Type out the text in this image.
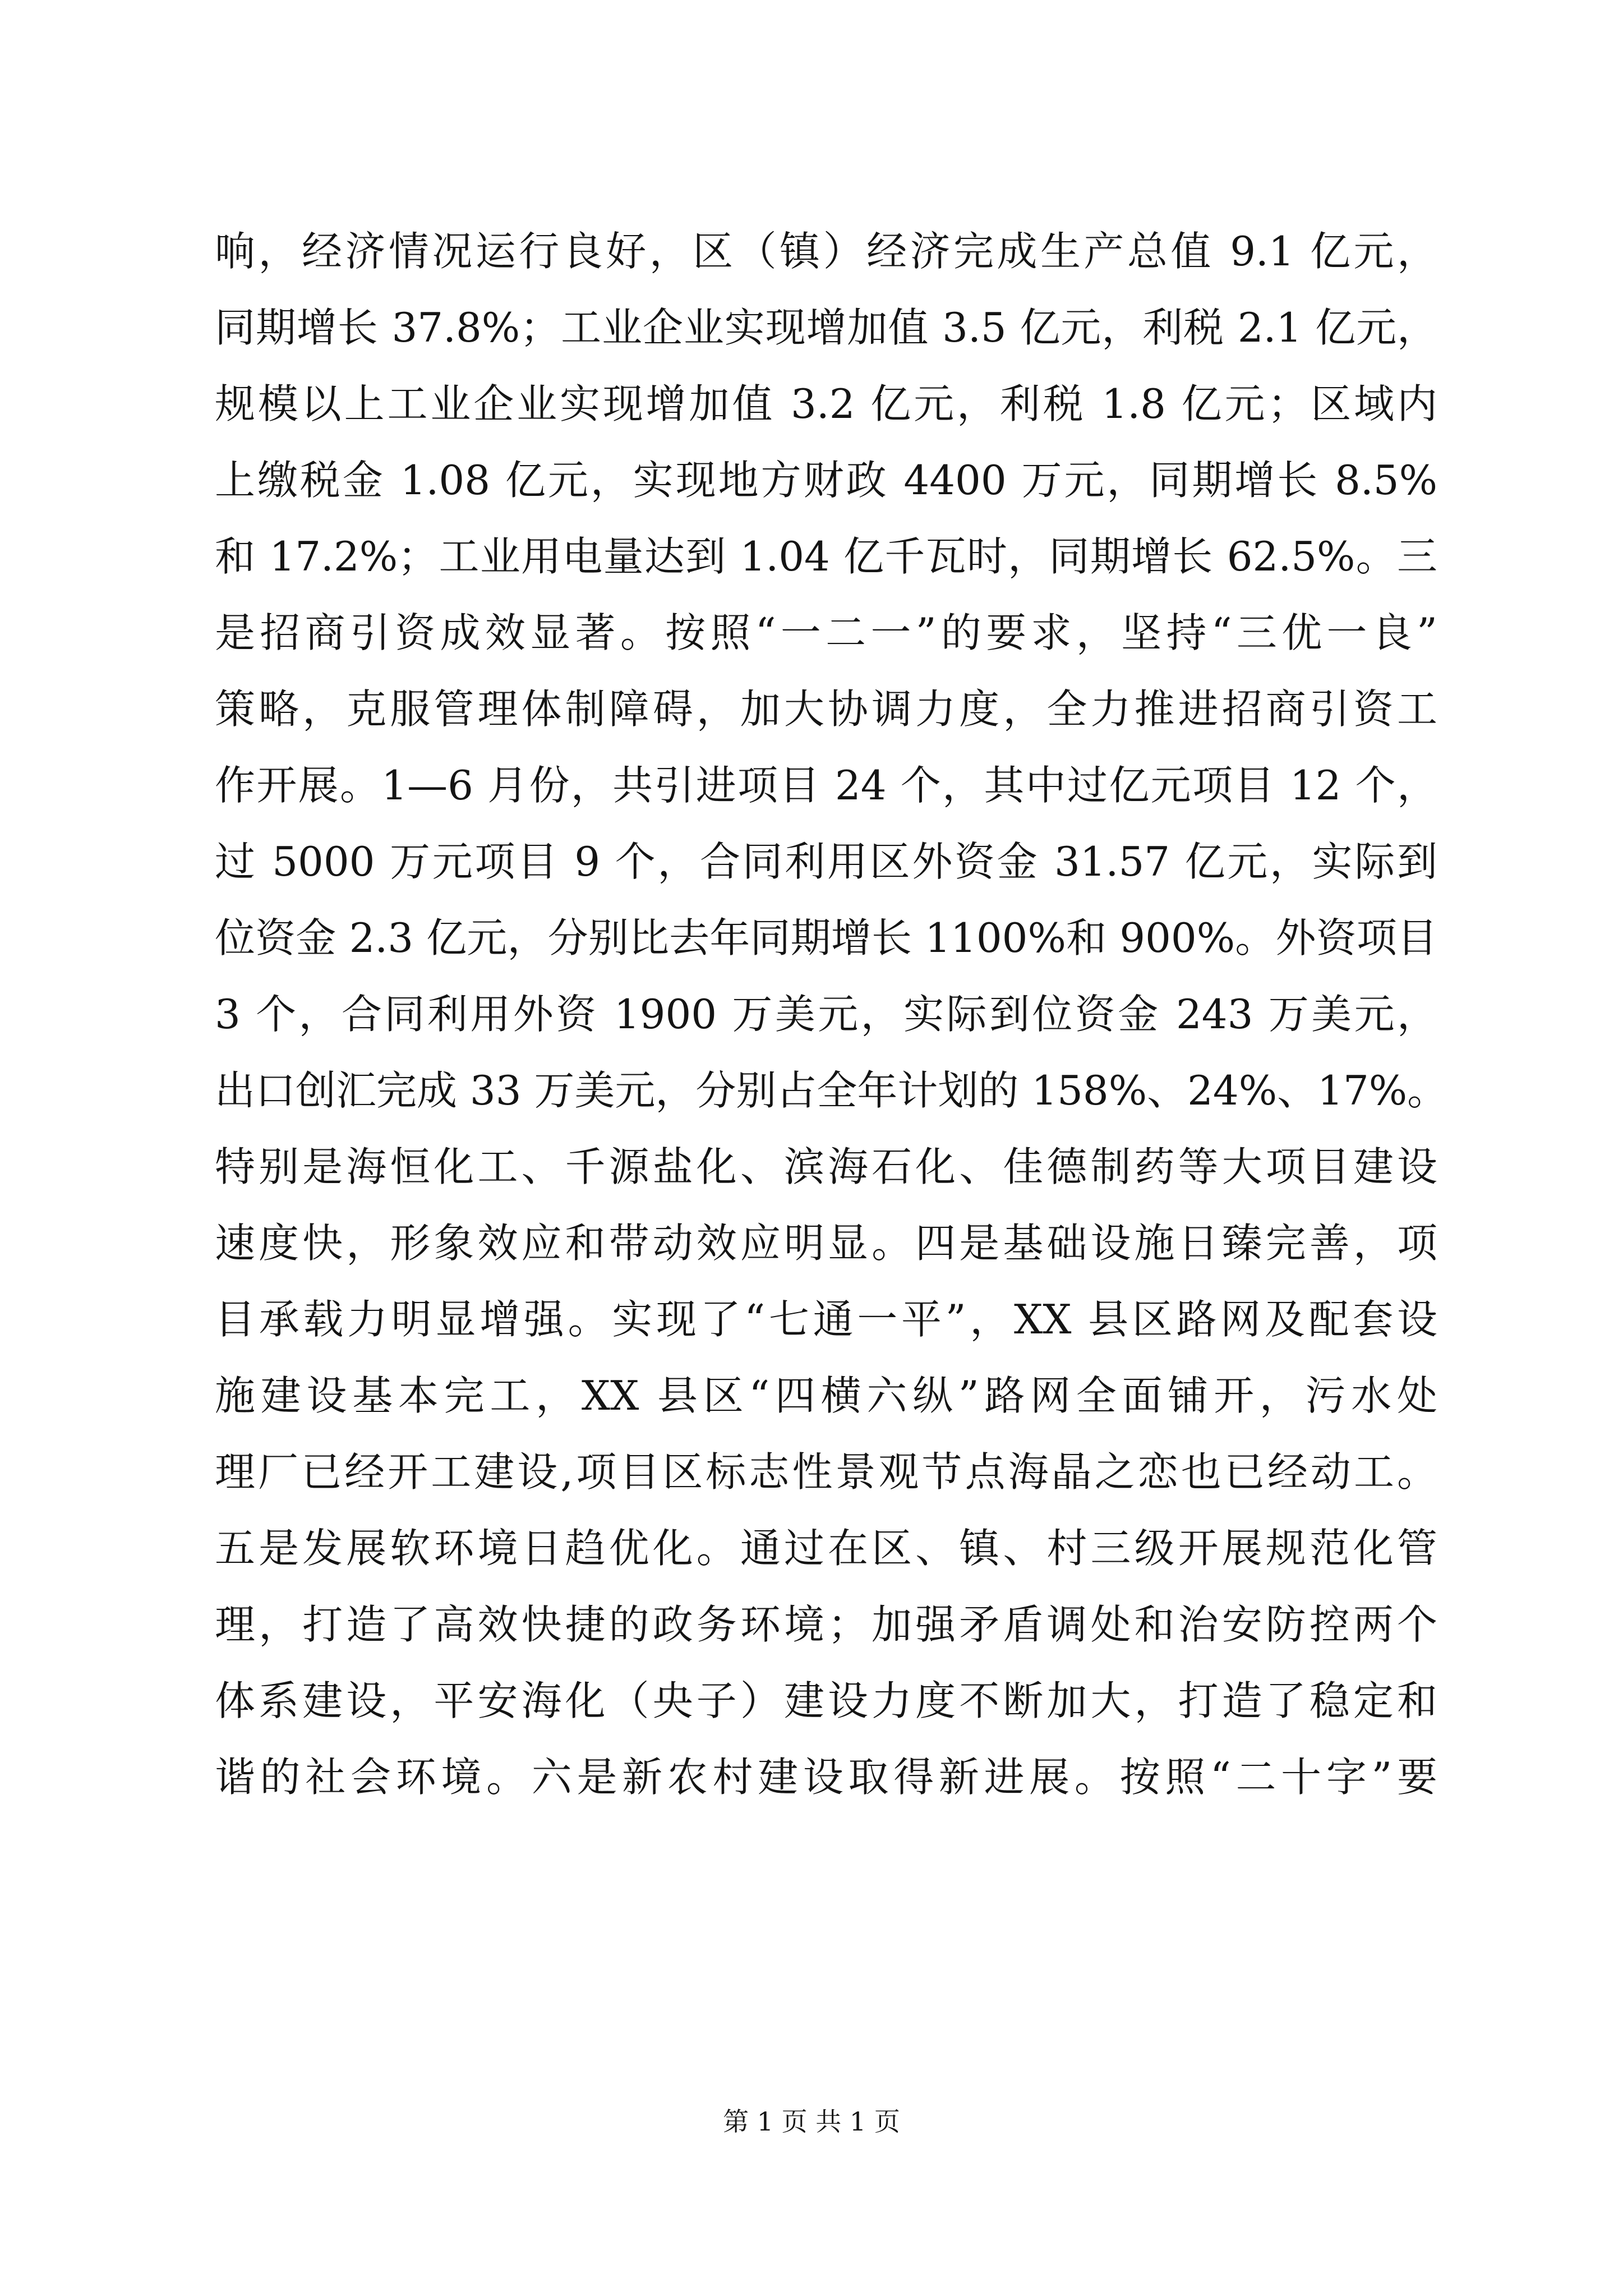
响，经济情况运行良好，区（镇）经济完成生产总值 9.1 亿元，
同期增长 37.8%；工业企业实现增加值 3.5 亿元，利税 2.1 亿元，
规模以上工业企业实现增加值 3.2 亿元，利税 1.8 亿元；区域内
上缴税金 1.08 亿元，实现地方财政 4400 万元，同期增长 8.5%
和 17.2%；工业用电量达到 1.04 亿千瓦时，同期增长 62.5%。三
是招商引资成效显著。按照“一二一”的要求，坚持“三优一良”
策略，克服管理体制障碍，加大协调力度，全力推进招商引资工
作开展。1—6 月份，共引进项目 24 个，其中过亿元项目 12 个，
过 5000 万元项目 9 个，合同利用区外资金 31.57 亿元，实际到
位资金 2.3 亿元，分别比去年同期增长 1100%和 900%。外资项目
3 个，合同利用外资 1900 万美元，实际到位资金 243 万美元，
出口创汇完成 33 万美元，分别占全年计划的 158%、24%、17%。
特别是海恒化工、千源盐化、滨海石化、佳德制药等大项目建设
速度快，形象效应和带动效应明显。四是基础设施日臻完善，项
目承载力明显增强。实现了“七通一平”，XX 县区路网及配套设
施建设基本完工，XX 县区“四横六纵”路网全面铺开，污水处
理厂已经开工建设,项目区标志性景观节点海晶之恋也已经动工。
五是发展软环境日趋优化。通过在区、镇、村三级开展规范化管
理，打造了高效快捷的政务环境；加强矛盾调处和治安防控两个
体系建设，平安海化（央子）建设力度不断加大，打造了稳定和
谐的社会环境。六是新农村建设取得新进展。按照“二十字”要
第 1 页 共 1 页
